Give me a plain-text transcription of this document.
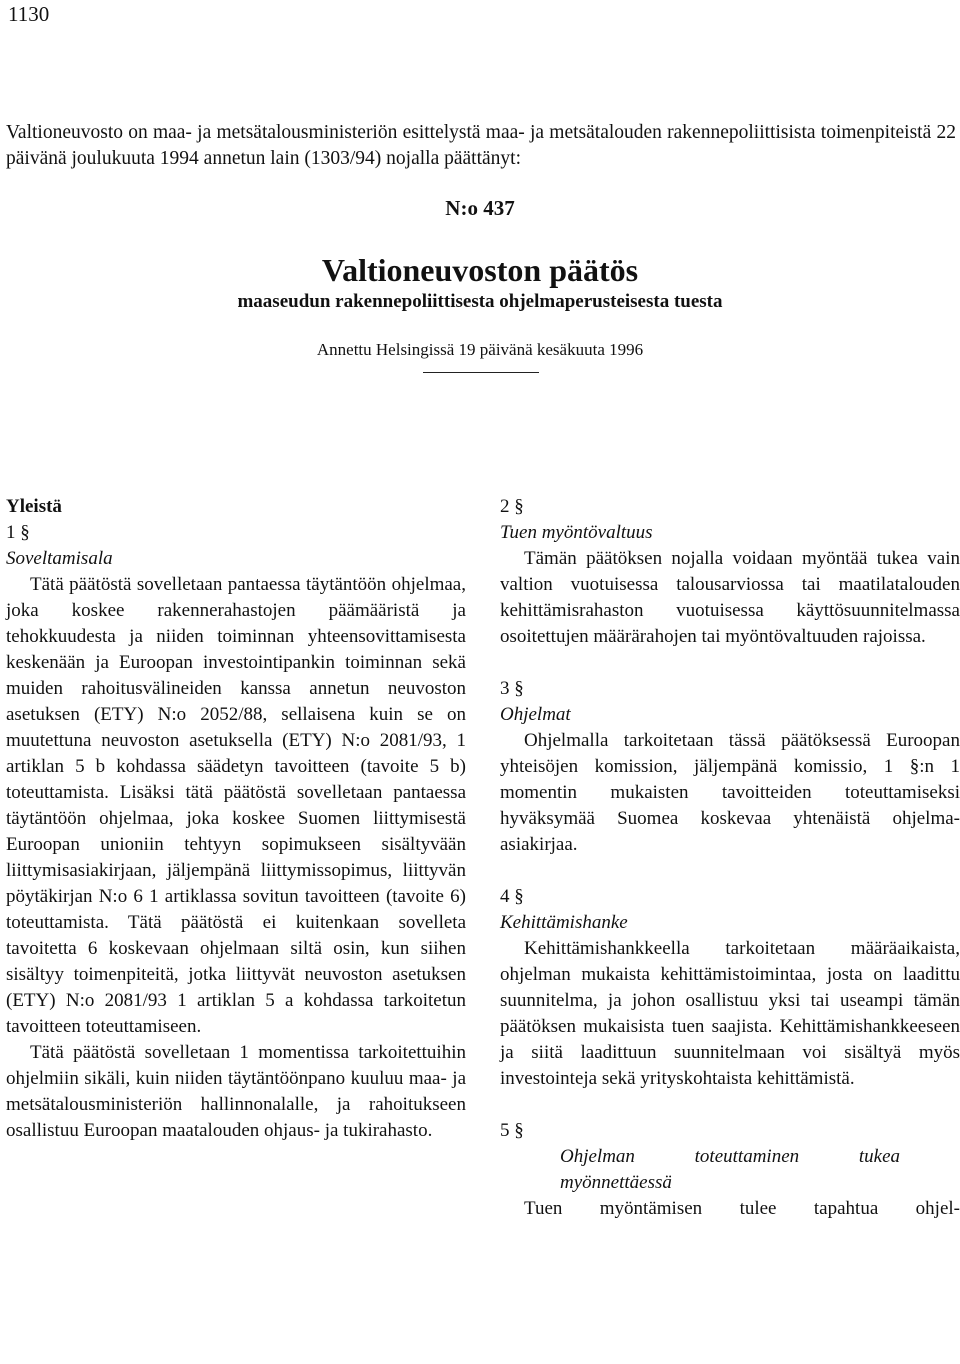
1130
N:o 437
Valtioneuvoston päätös
maaseudun rakennepoliittisesta ohjelmaperusteisesta tuesta
Annettu Helsingissä 19 päivänä kesäkuuta 1996

Valtioneuvosto on maa- ja metsätalousministeriön esittelystä maa- ja metsätalouden rakennepoliittisista toimenpiteistä 22 päivänä joulukuuta 1994 annetun lain (1303/94) nojalla päättänyt:

Yleistä

1 §

Soveltamisala

Tätä päätöstä sovelletaan pantaessa täytäntöön ohjelmaa, joka koskee rakennerahastojen päämääristä ja tehokkuudesta ja niiden toiminnan yhteensovittamisesta keskenään ja Euroopan investointipankin toiminnan sekä muiden rahoitusvälineiden kanssa annetun neuvoston asetuksen (ETY) N:o 2052/88, sellaisena kuin se on muutettuna neuvoston asetuksella (ETY) N:o 2081/93, 1 artiklan 5 b kohdassa säädetyn tavoitteen (tavoite 5 b) toteuttamista. Lisäksi tätä päätöstä sovelletaan pantaessa täytäntöön ohjelmaa, joka koskee Suomen liittymisestä Euroopan unioniin tehtyyn sopimukseen sisältyvään liittymisasiakirjaan, jäljempänä liittymissopimus, liittyvän pöytäkirjan N:o 6 1 artiklassa sovitun tavoitteen (tavoite 6) toteuttamista. Tätä päätöstä ei kuitenkaan sovelleta tavoitetta 6 koskevaan ohjelmaan siltä osin, kun siihen sisältyy toimenpiteitä, jotka liittyvät neuvoston asetuksen (ETY) N:o 2081/93 1 artiklan 5 a kohdassa tarkoitetun tavoitteen toteuttamiseen.

Tätä päätöstä sovelletaan 1 momentissa tarkoitettuihin ohjelmiin sikäli, kuin niiden täytäntöönpano kuuluu maa- ja metsätalousministeriön hallinnonalalle, ja rahoitukseen osallistuu Euroopan maatalouden ohjaus- ja tukirahasto.

2 §

Tuen myöntövaltuus

Tämän päätöksen nojalla voidaan myöntää tukea vain valtion vuotuisessa talousarviossa tai maatilatalouden kehittämisrahaston vuotuisessa käyttösuunnitelmassa osoitettujen määrärahojen tai myöntövaltuuden rajoissa.

3 §

Ohjelmat

Ohjelmalla tarkoitetaan tässä päätöksessä Euroopan yhteisöjen komission, jäljempänä komissio, 1 §:n 1 momentin mukaisten tavoitteiden toteuttamiseksi hyväksymää Suomea koskevaa yhtenäistä ohjelma-asiakirjaa.

4 §

Kehittämishanke

Kehittämishankkeella tarkoitetaan määräaikaista, ohjelman mukaista kehittämistoimintaa, josta on laadittu suunnitelma, ja johon osallistuu yksi tai useampi tämän päätöksen mukaisista tuen saajista. Kehittämishankkeeseen ja siitä laadittuun suunnitelmaan voi sisältyä myös investointeja sekä yrityskohtaista kehittämistä.

5 §

Ohjelman toteuttaminen tukea myönnettäessä

Tuen myöntämisen tulee tapahtua ohjel-
